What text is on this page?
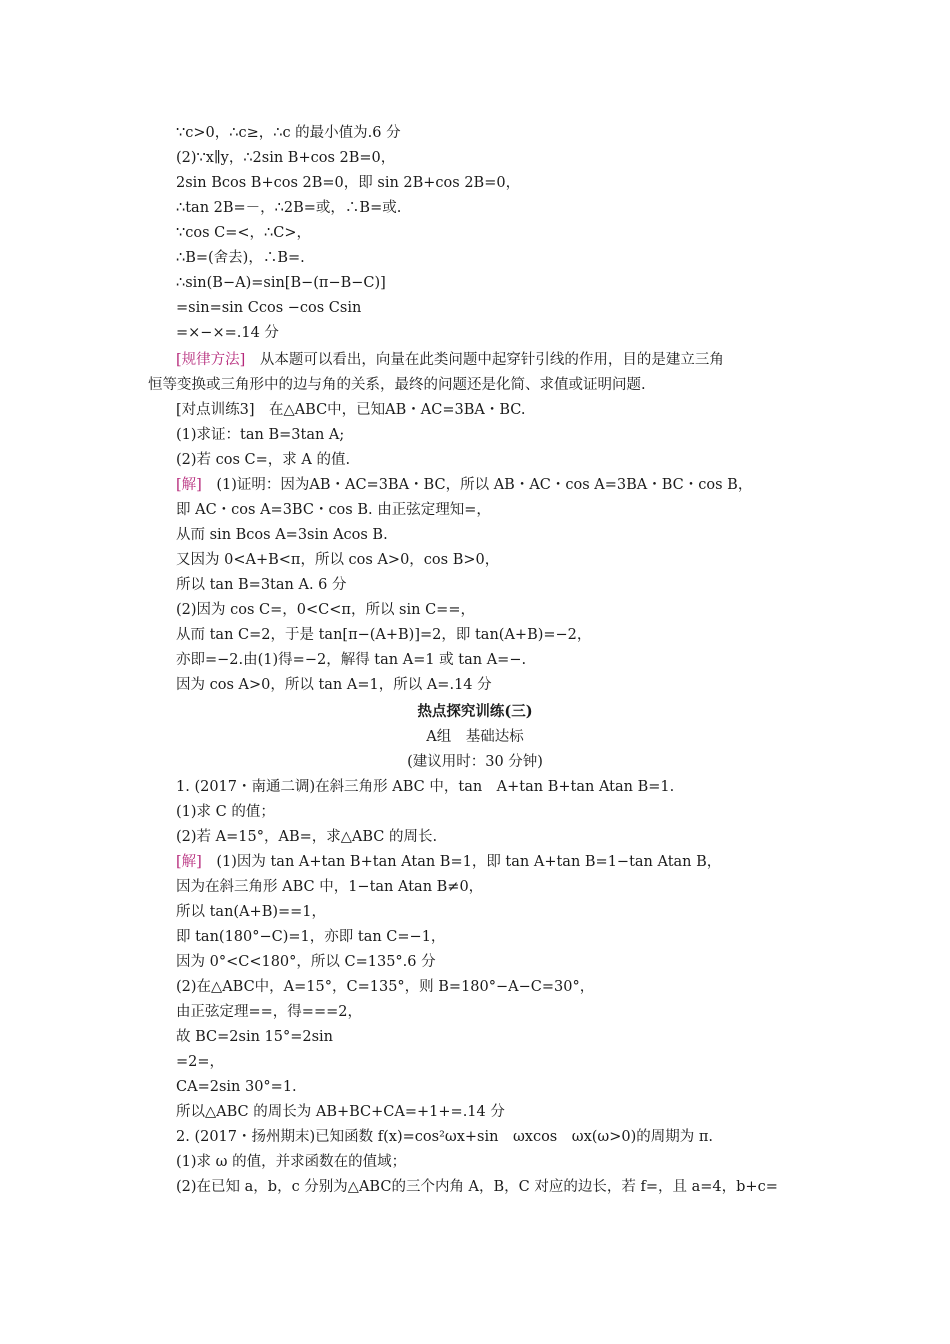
∵c>0，∴c≥，∴c 的最小值为.6 分
(2)∵x∥y，∴2sin B+cos 2B=0，
2sin Bcos B+cos 2B=0，即 sin 2B+cos 2B=0，
∴tan 2B=－，∴2B=或，∴B=或.
∵cos C=<，∴C>，
∴B=(舍去)，∴B=.
∴sin(B−A)=sin[B−(π−B−C)]
=sin=sin Ccos −cos Csin
=×−×=.14 分
[规律方法]　从本题可以看出，向量在此类问题中起穿针引线的作用，目的是建立三角
恒等变换或三角形中的边与角的关系，最终的问题还是化简、求值或证明问题.
[对点训练3]　在△ABC中，已知AB・AC=3BA・BC.
(1)求证：tan B=3tan A;
(2)若 cos C=，求 A 的值.
[解]　(1)证明：因为AB・AC=3BA・BC，所以 AB・AC・cos A=3BA・BC・cos B，
即 AC・cos A=3BC・cos B. 由正弦定理知=，
从而 sin Bcos A=3sin Acos B.
又因为 0<A+B<π，所以 cos A>0，cos B>0，
所以 tan B=3tan A. 6 分
(2)因为 cos C=，0<C<π，所以 sin C==，
从而 tan C=2，于是 tan[π−(A+B)]=2，即 tan(A+B)=−2，
亦即=−2.由(1)得=−2，解得 tan A=1 或 tan A=−.
因为 cos A>0，所以 tan A=1，所以 A=.14 分
热点探究训练(三)
A组　基础达标
(建议用时：30 分钟)
1. (2017・南通二调)在斜三角形 ABC 中，tan　A+tan B+tan Atan B=1.
(1)求 C 的值；
(2)若 A=15°，AB=，求△ABC 的周长.
[解]　(1)因为 tan A+tan B+tan Atan B=1，即 tan A+tan B=1−tan Atan B，
因为在斜三角形 ABC 中，1−tan Atan B≠0，
所以 tan(A+B)==1，
即 tan(180°−C)=1，亦即 tan C=−1，
因为 0°<C<180°，所以 C=135°.6 分
(2)在△ABC中，A=15°，C=135°，则 B=180°−A−C=30°，
由正弦定理==，得===2，
故 BC=2sin 15°=2sin
=2=，
CA=2sin 30°=1.
所以△ABC 的周长为 AB+BC+CA=+1+=.14 分
2. (2017・扬州期末)已知函数 f(x)=cos²ωx+sin　ωxcos　ωx(ω>0)的周期为 π.
(1)求 ω 的值，并求函数在的值域；
(2)在已知 a，b，c 分别为△ABC的三个内角 A，B，C 对应的边长，若 f=，且 a=4，b+c=
